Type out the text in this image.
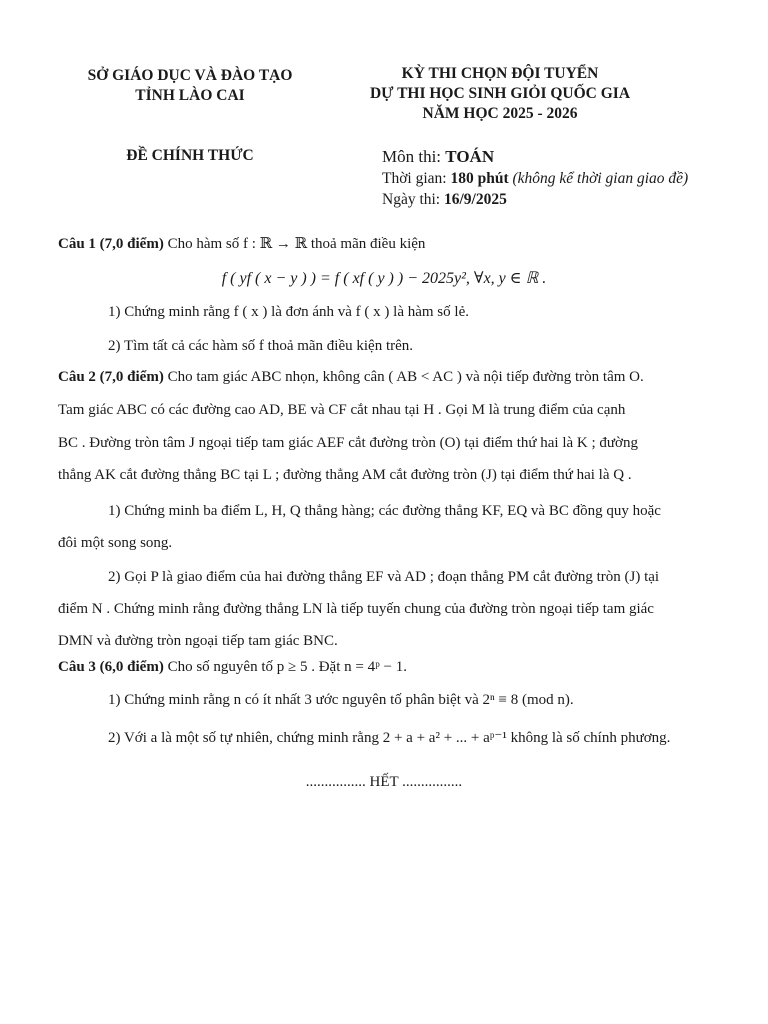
SỞ GIÁO DỤC VÀ ĐÀO TẠO
TỈNH LÀO CAI
ĐỀ CHÍNH THỨC
KỲ THI CHỌN ĐỘI TUYỂN
DỰ THI HỌC SINH GIỎI QUỐC GIA
NĂM HỌC 2025 - 2026
Môn thi: TOÁN
Thời gian: 180 phút (không kể thời gian giao đề)
Ngày thi: 16/9/2025
Câu 1 (7,0 điểm) Cho hàm số f : ℝ → ℝ thoả mãn điều kiện
f ( yf ( x − y ) ) = f ( xf ( y ) ) − 2025y², ∀x, y ∈ ℝ .
1) Chứng minh rằng f ( x ) là đơn ánh và f ( x ) là hàm số lẻ.
2) Tìm tất cả các hàm số f thoả mãn điều kiện trên.
Câu 2 (7,0 điểm) Cho tam giác ABC nhọn, không cân ( AB < AC ) và nội tiếp đường tròn tâm O.
Tam giác ABC có các đường cao AD, BE và CF cắt nhau tại H . Gọi M là trung điểm của cạnh
BC . Đường tròn tâm J ngoại tiếp tam giác AEF cắt đường tròn (O) tại điểm thứ hai là K ; đường
thẳng AK cắt đường thẳng BC tại L ; đường thẳng AM cắt đường tròn (J) tại điểm thứ hai là Q .
1) Chứng minh ba điểm L, H, Q thẳng hàng; các đường thẳng KF, EQ và BC đồng quy hoặc
đôi một song song.
2) Gọi P là giao điểm của hai đường thẳng EF và AD ; đoạn thẳng PM cắt đường tròn (J) tại
điểm N . Chứng minh rằng đường thẳng LN là tiếp tuyến chung của đường tròn ngoại tiếp tam giác
DMN và đường tròn ngoại tiếp tam giác BNC.
Câu 3 (6,0 điểm) Cho số nguyên tố p ≥ 5 . Đặt n = 4ᵖ − 1.
1) Chứng minh rằng n có ít nhất 3 ước nguyên tố phân biệt và 2ⁿ ≡ 8 (mod n).
2) Với a là một số tự nhiên, chứng minh rằng 2 + a + a² + ... + aᵖ⁻¹ không là số chính phương.
................ HẾT ................
